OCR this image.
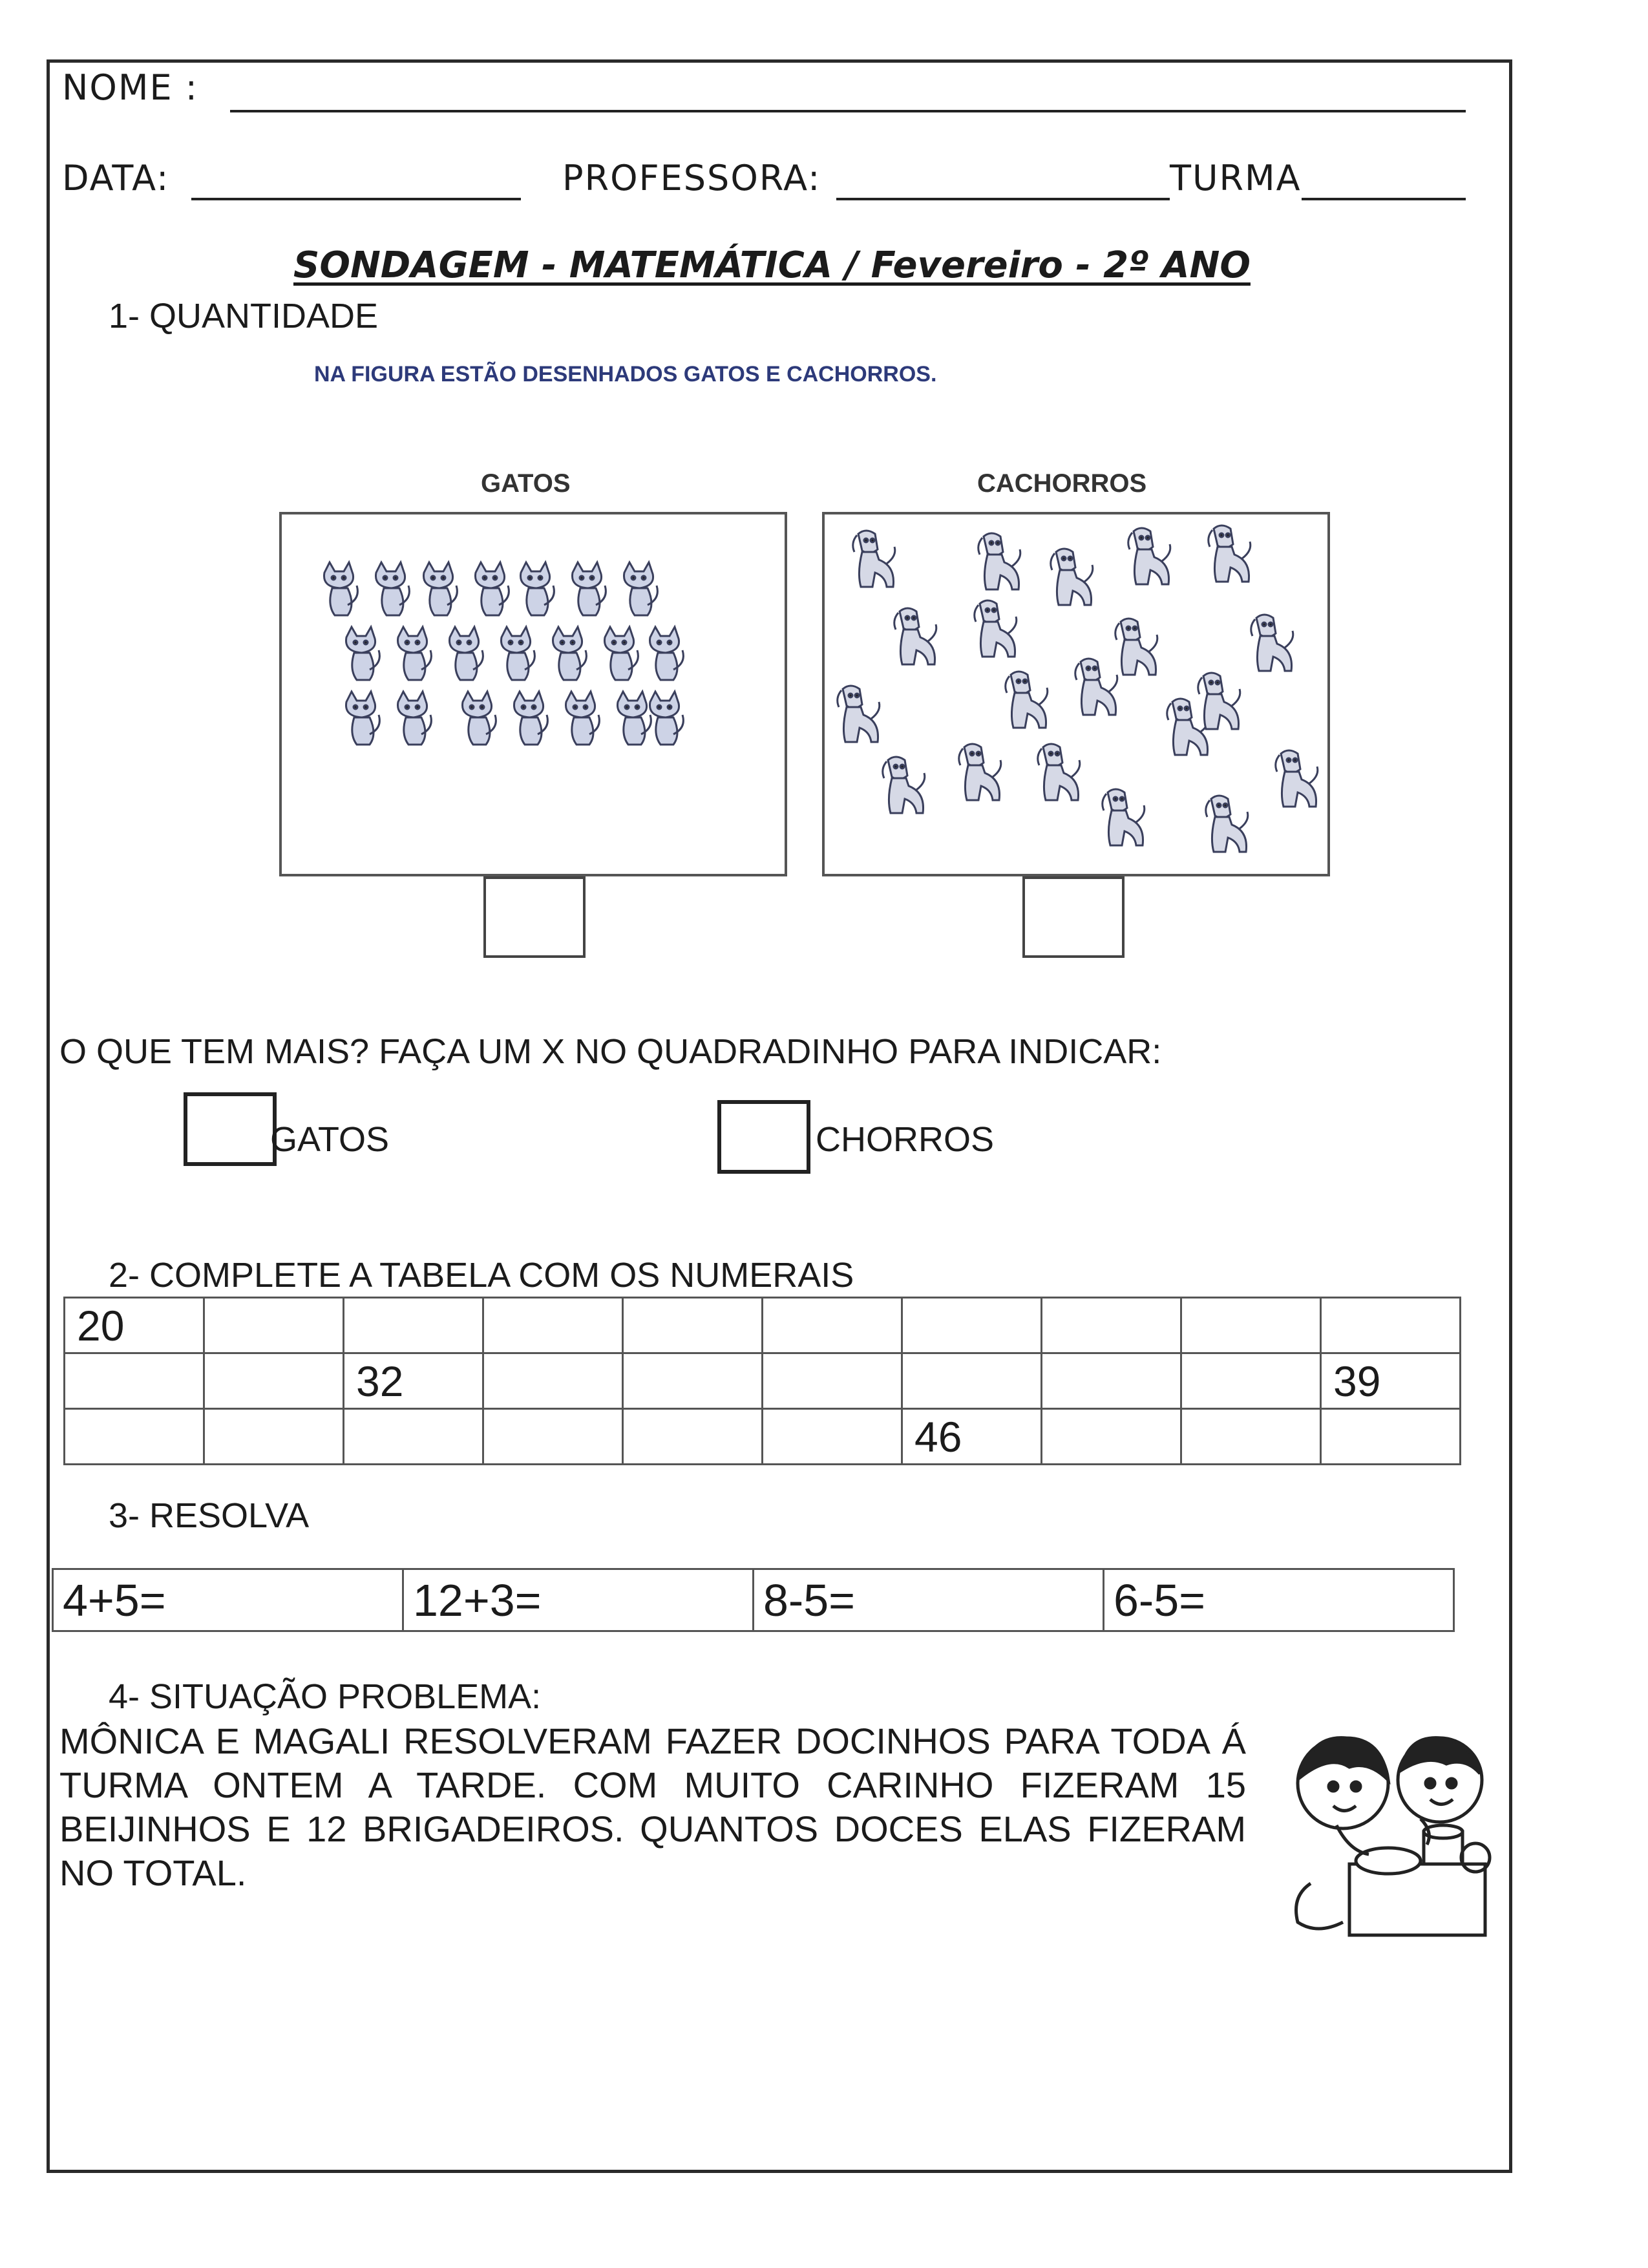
NOME :
DATA:	PROFESSORA:	TURMA
SONDAGEM - MATEMÁTICA / Fevereiro - 2º ANO
1- QUANTIDADE
NA FIGURA ESTÃO DESENHADOS GATOS E CACHORROS.
GATOS	CACHORROS
O QUE TEM MAIS? FAÇA UM X NO QUADRADINHO PARA INDICAR:
GATOS	CHORROS
2- COMPLETE A TABELA COM OS NUMERAIS
20									
		32							39
						46			
3- RESOLVA
4+5=	12+3=	8-5=	6-5=
4- SITUAÇÃO PROBLEMA:
MÔNICA E MAGALI RESOLVERAM FAZER DOCINHOS PARA TODA Á TURMA ONTEM A TARDE. COM MUITO CARINHO FIZERAM 15 BEIJINHOS E 12 BRIGADEIROS. QUANTOS DOCES ELAS FIZERAM NO TOTAL.
